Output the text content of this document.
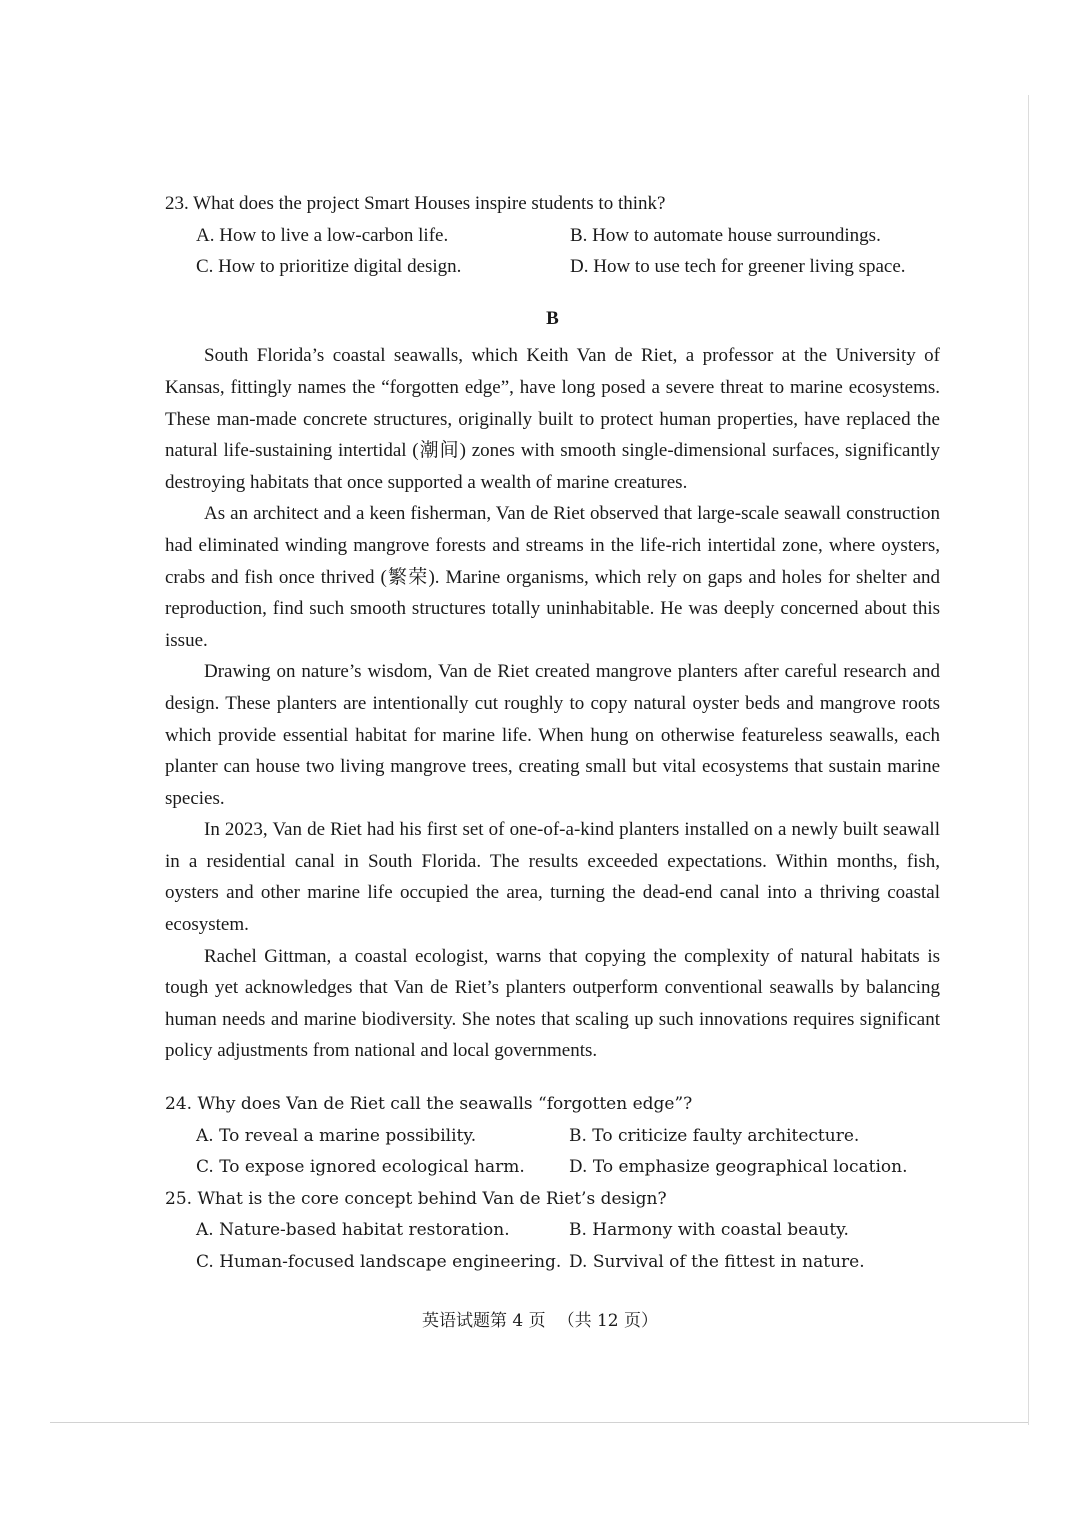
23. What does the project Smart Houses inspire students to think?

A. How to live a low-carbon life.	B. How to automate house surroundings.
C. How to prioritize digital design.	D. How to use tech for greener living space.
B

South Florida’s coastal seawalls, which Keith Van de Riet, a professor at the University of Kansas, fittingly names the “forgotten edge”, have long posed a severe threat to marine ecosystems. These man-made concrete structures, originally built to protect human properties, have replaced the natural life-sustaining intertidal (潮间) zones with smooth single-dimensional surfaces, significantly destroying habitats that once supported a wealth of marine creatures.

As an architect and a keen fisherman, Van de Riet observed that large-scale seawall construction had eliminated winding mangrove forests and streams in the life-rich intertidal zone, where oysters, crabs and fish once thrived (繁荣). Marine organisms, which rely on gaps and holes for shelter and reproduction, find such smooth structures totally uninhabitable. He was deeply concerned about this issue.

Drawing on nature’s wisdom, Van de Riet created mangrove planters after careful research and design. These planters are intentionally cut roughly to copy natural oyster beds and mangrove roots which provide essential habitat for marine life. When hung on otherwise featureless seawalls, each planter can house two living mangrove trees, creating small but vital ecosystems that sustain marine species.

In 2023, Van de Riet had his first set of one-of-a-kind planters installed on a newly built seawall in a residential canal in South Florida. The results exceeded expectations. Within months, fish, oysters and other marine life occupied the area, turning the dead-end canal into a thriving coastal ecosystem.

Rachel Gittman, a coastal ecologist, warns that copying the complexity of natural habitats is tough yet acknowledges that Van de Riet’s planters outperform conventional seawalls by balancing human needs and marine biodiversity. She notes that scaling up such innovations requires significant policy adjustments from national and local governments.

24. Why does Van de Riet call the seawalls “forgotten edge”?

A. To reveal a marine possibility.	B. To criticize faulty architecture.
C. To expose ignored ecological harm.	D. To emphasize geographical location.

25. What is the core concept behind Van de Riet’s design?

A. Nature-based habitat restoration.	B. Harmony with coastal beauty.
C. Human-focused landscape engineering. D. Survival of the fittest in nature.
英语试题第 4 页 （共 12 页）
